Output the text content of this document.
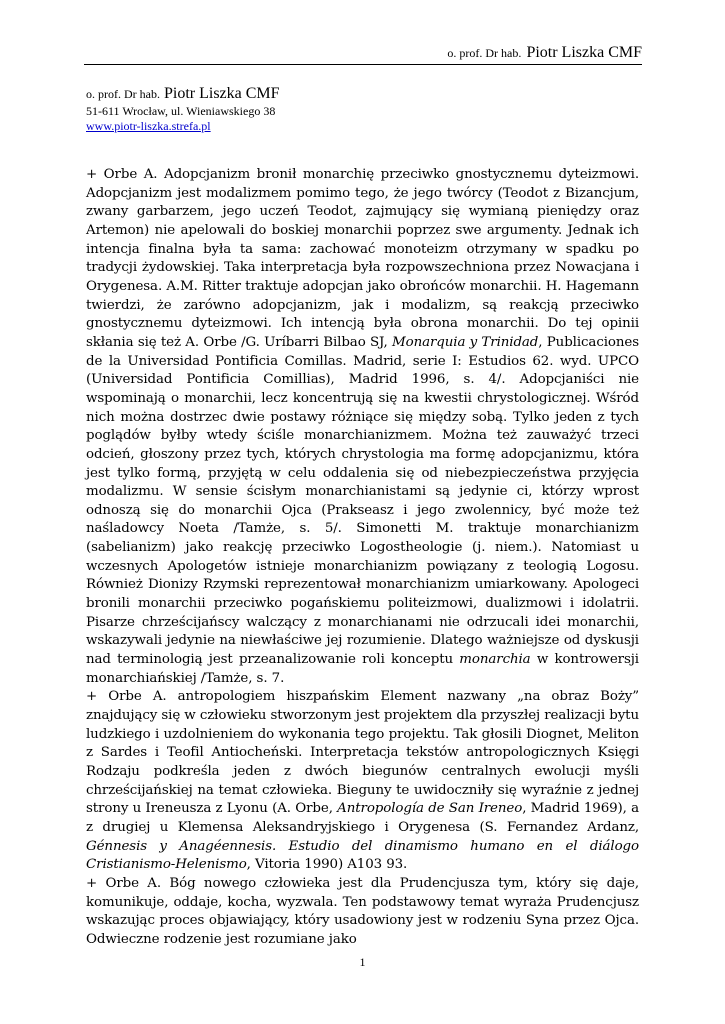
o. prof. Dr hab. Piotr Liszka CMF
o. prof. Dr hab. Piotr Liszka CMF
51-611 Wrocław, ul. Wieniawskiego 38
www.piotr-liszka.strefa.pl

+ Orbe A. Adopcjanizm bronił monarchię przeciwko gnostycznemu dyteizmowi. Adopcjanizm jest modalizmem pomimo tego, że jego twórcy (Teodot z Bizancjum, zwany garbarzem, jego uczeń Teodot, zajmujący się wymianą pieniędzy oraz Artemon) nie apelowali do boskiej monarchii poprzez swe argumenty. Jednak ich intencja finalna była ta sama: zachować monoteizm otrzymany w spadku po tradycji żydowskiej. Taka interpretacja była rozpowszechniona przez Nowacjana i Orygenesa. A.M. Ritter traktuje adopcjan jako obrońców monarchii. H. Hagemann twierdzi, że zarówno adopcjanizm, jak i modalizm, są reakcją przeciwko gnostycznemu dyteizmowi. Ich intencją była obrona monarchii. Do tej opinii skłania się też A. Orbe /G. Uríbarri Bilbao SJ, Monarquia y Trinidad, Publicaciones de la Universidad Pontificia Comillas. Madrid, serie I: Estudios 62. wyd. UPCO (Universidad Pontificia Comillias), Madrid 1996, s. 4/. Adopcjaniści nie wspominają o monarchii, lecz koncentrują się na kwestii chrystologicznej. Wśród nich można dostrzec dwie postawy różniące się między sobą. Tylko jeden z tych poglądów byłby wtedy ściśle monarchianizmem. Można też zauważyć trzeci odcień, głoszony przez tych, których chrystologia ma formę adopcjanizmu, która jest tylko formą, przyjętą w celu oddalenia się od niebezpieczeństwa przyjęcia modalizmu. W sensie ścisłym monarchianistami są jedynie ci, którzy wprost odnoszą się do monarchii Ojca (Prakseasz i jego zwolennicy, być może też naśladowcy Noeta /Tamże, s. 5/. Simonetti M. traktuje monarchianizm (sabelianizm) jako reakcję przeciwko Logostheologie (j. niem.). Natomiast u wczesnych Apologetów istnieje monarchianizm powiązany z teologią Logosu. Również Dionizy Rzymski reprezentował monarchianizm umiarkowany. Apologeci bronili monarchii przeciwko pogańskiemu politeizmowi, dualizmowi i idolatrii. Pisarze chrześcijańscy walczący z monarchianami nie odrzucali idei monarchii, wskazywali jedynie na niewłaściwe jej rozumienie. Dlatego ważniejsze od dyskusji nad terminologią jest przeanalizowanie roli konceptu monarchia w kontrowersji monarchiańskiej /Tamże, s. 7.

+ Orbe A. antropologiem hiszpańskim Element nazwany „na obraz Boży” znajdujący się w człowieku stworzonym jest projektem dla przyszłej realizacji bytu ludzkiego i uzdolnieniem do wykonania tego projektu. Tak głosili Diognet, Meliton z Sardes i Teofil Antiocheński. Interpretacja tekstów antropologicznych Księgi Rodzaju podkreśla jeden z dwóch biegunów centralnych ewolucji myśli chrześcijańskiej na temat człowieka. Bieguny te uwidoczniły się wyraźnie z jednej strony u Ireneusza z Lyonu (A. Orbe, Antropología de San Ireneo, Madrid 1969), a z drugiej u Klemensa Aleksandryjskiego i Orygenesa (S. Fernandez Ardanz, Génnesis y Anagéennesis. Estudio del dinamismo humano en el diálogo Cristianismo-Helenismo, Vitoria 1990) A103 93.

+ Orbe A. Bóg nowego człowieka jest dla Prudencjusza tym, który się daje, komunikuje, oddaje, kocha, wyzwala. Ten podstawowy temat wyraża Prudencjusz wskazując proces objawiający, który usadowiony jest w rodzeniu Syna przez Ojca. Odwieczne rodzenie jest rozumiane jako

1
